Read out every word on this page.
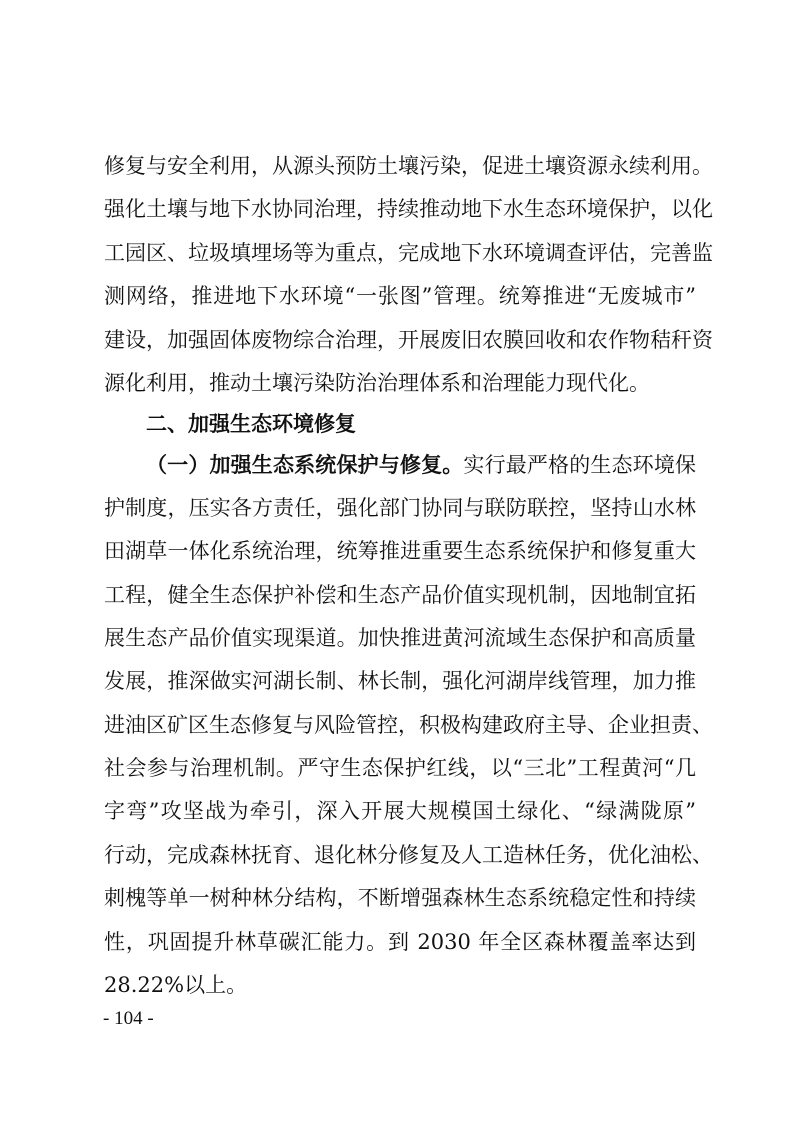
修复与安全利用，从源头预防土壤污染，促进土壤资源永续利用。
强化土壤与地下水协同治理，持续推动地下水生态环境保护，以化
工园区、垃圾填埋场等为重点，完成地下水环境调查评估，完善监
测网络，推进地下水环境“一张图”管理。统筹推进“无废城市”
建设，加强固体废物综合治理，开展废旧农膜回收和农作物秸秆资
源化利用，推动土壤污染防治治理体系和治理能力现代化。
二、加强生态环境修复
（一）加强生态系统保护与修复。实行最严格的生态环境保
护制度，压实各方责任，强化部门协同与联防联控，坚持山水林
田湖草一体化系统治理，统筹推进重要生态系统保护和修复重大
工程，健全生态保护补偿和生态产品价值实现机制，因地制宜拓
展生态产品价值实现渠道。加快推进黄河流域生态保护和高质量
发展，推深做实河湖长制、林长制，强化河湖岸线管理，加力推
进油区矿区生态修复与风险管控，积极构建政府主导、企业担责、
社会参与治理机制。严守生态保护红线，以“三北”工程黄河“几
字弯”攻坚战为牵引，深入开展大规模国土绿化、“绿满陇原”
行动，完成森林抚育、退化林分修复及人工造林任务，优化油松、
刺槐等单一树种林分结构，不断增强森林生态系统稳定性和持续
性，巩固提升林草碳汇能力。到 2030 年全区森林覆盖率达到
28.22%以上。
- 104 -
